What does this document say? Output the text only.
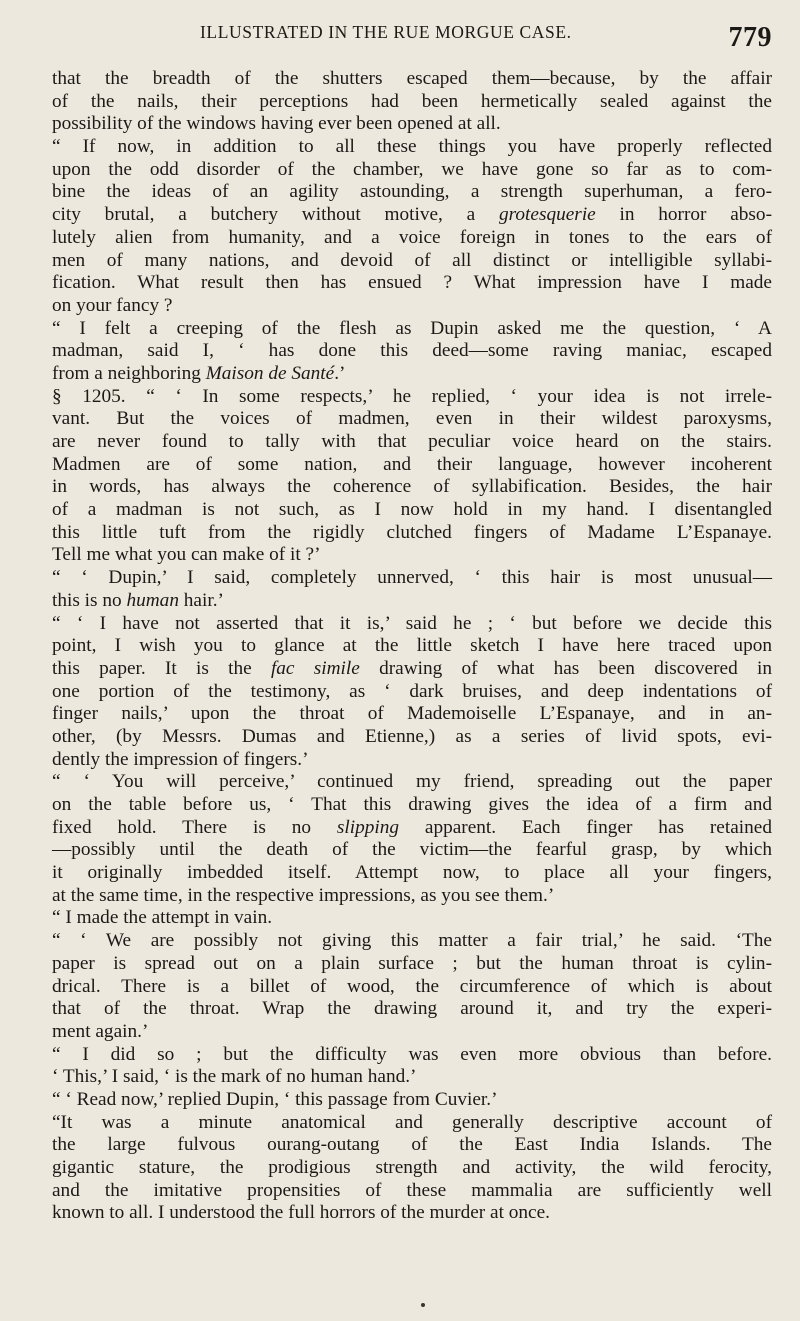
ILLUSTRATED IN THE RUE MORGUE CASE.	779
that the breadth of the shutters escaped them—because, by the affair
of the nails, their perceptions had been hermetically sealed against the
possibility of the windows having ever been opened at all.
“ If now, in addition to all these things you have properly reflected
upon the odd disorder of the chamber, we have gone so far as to com-
bine the ideas of an agility astounding, a strength superhuman, a fero-
city brutal, a butchery without motive, a grotesquerie in horror abso-
lutely alien from humanity, and a voice foreign in tones to the ears of
men of many nations, and devoid of all distinct or intelligible syllabi-
fication. What result then has ensued ? What impression have I made
on your fancy ?
“ I felt a creeping of the flesh as Dupin asked me the question, ‘ A
madman, said I, ‘ has done this deed—some raving maniac, escaped
from a neighboring Maison de Santé.’
§ 1205. “ ‘ In some respects,’ he replied, ‘ your idea is not irrele-
vant. But the voices of madmen, even in their wildest paroxysms,
are never found to tally with that peculiar voice heard on the stairs.
Madmen are of some nation, and their language, however incoherent
in words, has always the coherence of syllabification. Besides, the hair
of a madman is not such, as I now hold in my hand. I disentangled
this little tuft from the rigidly clutched fingers of Madame L’Espanaye.
Tell me what you can make of it ?’
“ ‘ Dupin,’ I said, completely unnerved, ‘ this hair is most unusual—
this is no human hair.’
“ ‘ I have not asserted that it is,’ said he ; ‘ but before we decide this
point, I wish you to glance at the little sketch I have here traced upon
this paper. It is the fac simile drawing of what has been discovered in
one portion of the testimony, as ‘ dark bruises, and deep indentations of
finger nails,’ upon the throat of Mademoiselle L’Espanaye, and in an-
other, (by Messrs. Dumas and Etienne,) as a series of livid spots, evi-
dently the impression of fingers.’
“ ‘ You will perceive,’ continued my friend, spreading out the paper
on the table before us, ‘ That this drawing gives the idea of a firm and
fixed hold. There is no slipping apparent. Each finger has retained
—possibly until the death of the victim—the fearful grasp, by which
it originally imbedded itself. Attempt now, to place all your fingers,
at the same time, in the respective impressions, as you see them.’
“ I made the attempt in vain.
“ ‘ We are possibly not giving this matter a fair trial,’ he said. ‘The
paper is spread out on a plain surface ; but the human throat is cylin-
drical. There is a billet of wood, the circumference of which is about
that of the throat. Wrap the drawing around it, and try the experi-
ment again.’
“ I did so ; but the difficulty was even more obvious than before.
‘ This,’ I said, ‘ is the mark of no human hand.’
“ ‘ Read now,’ replied Dupin, ‘ this passage from Cuvier.’
“It was a minute anatomical and generally descriptive account of
the large fulvous ourang-outang of the East India Islands. The
gigantic stature, the prodigious strength and activity, the wild ferocity,
and the imitative propensities of these mammalia are sufficiently well
known to all. I understood the full horrors of the murder at once.
